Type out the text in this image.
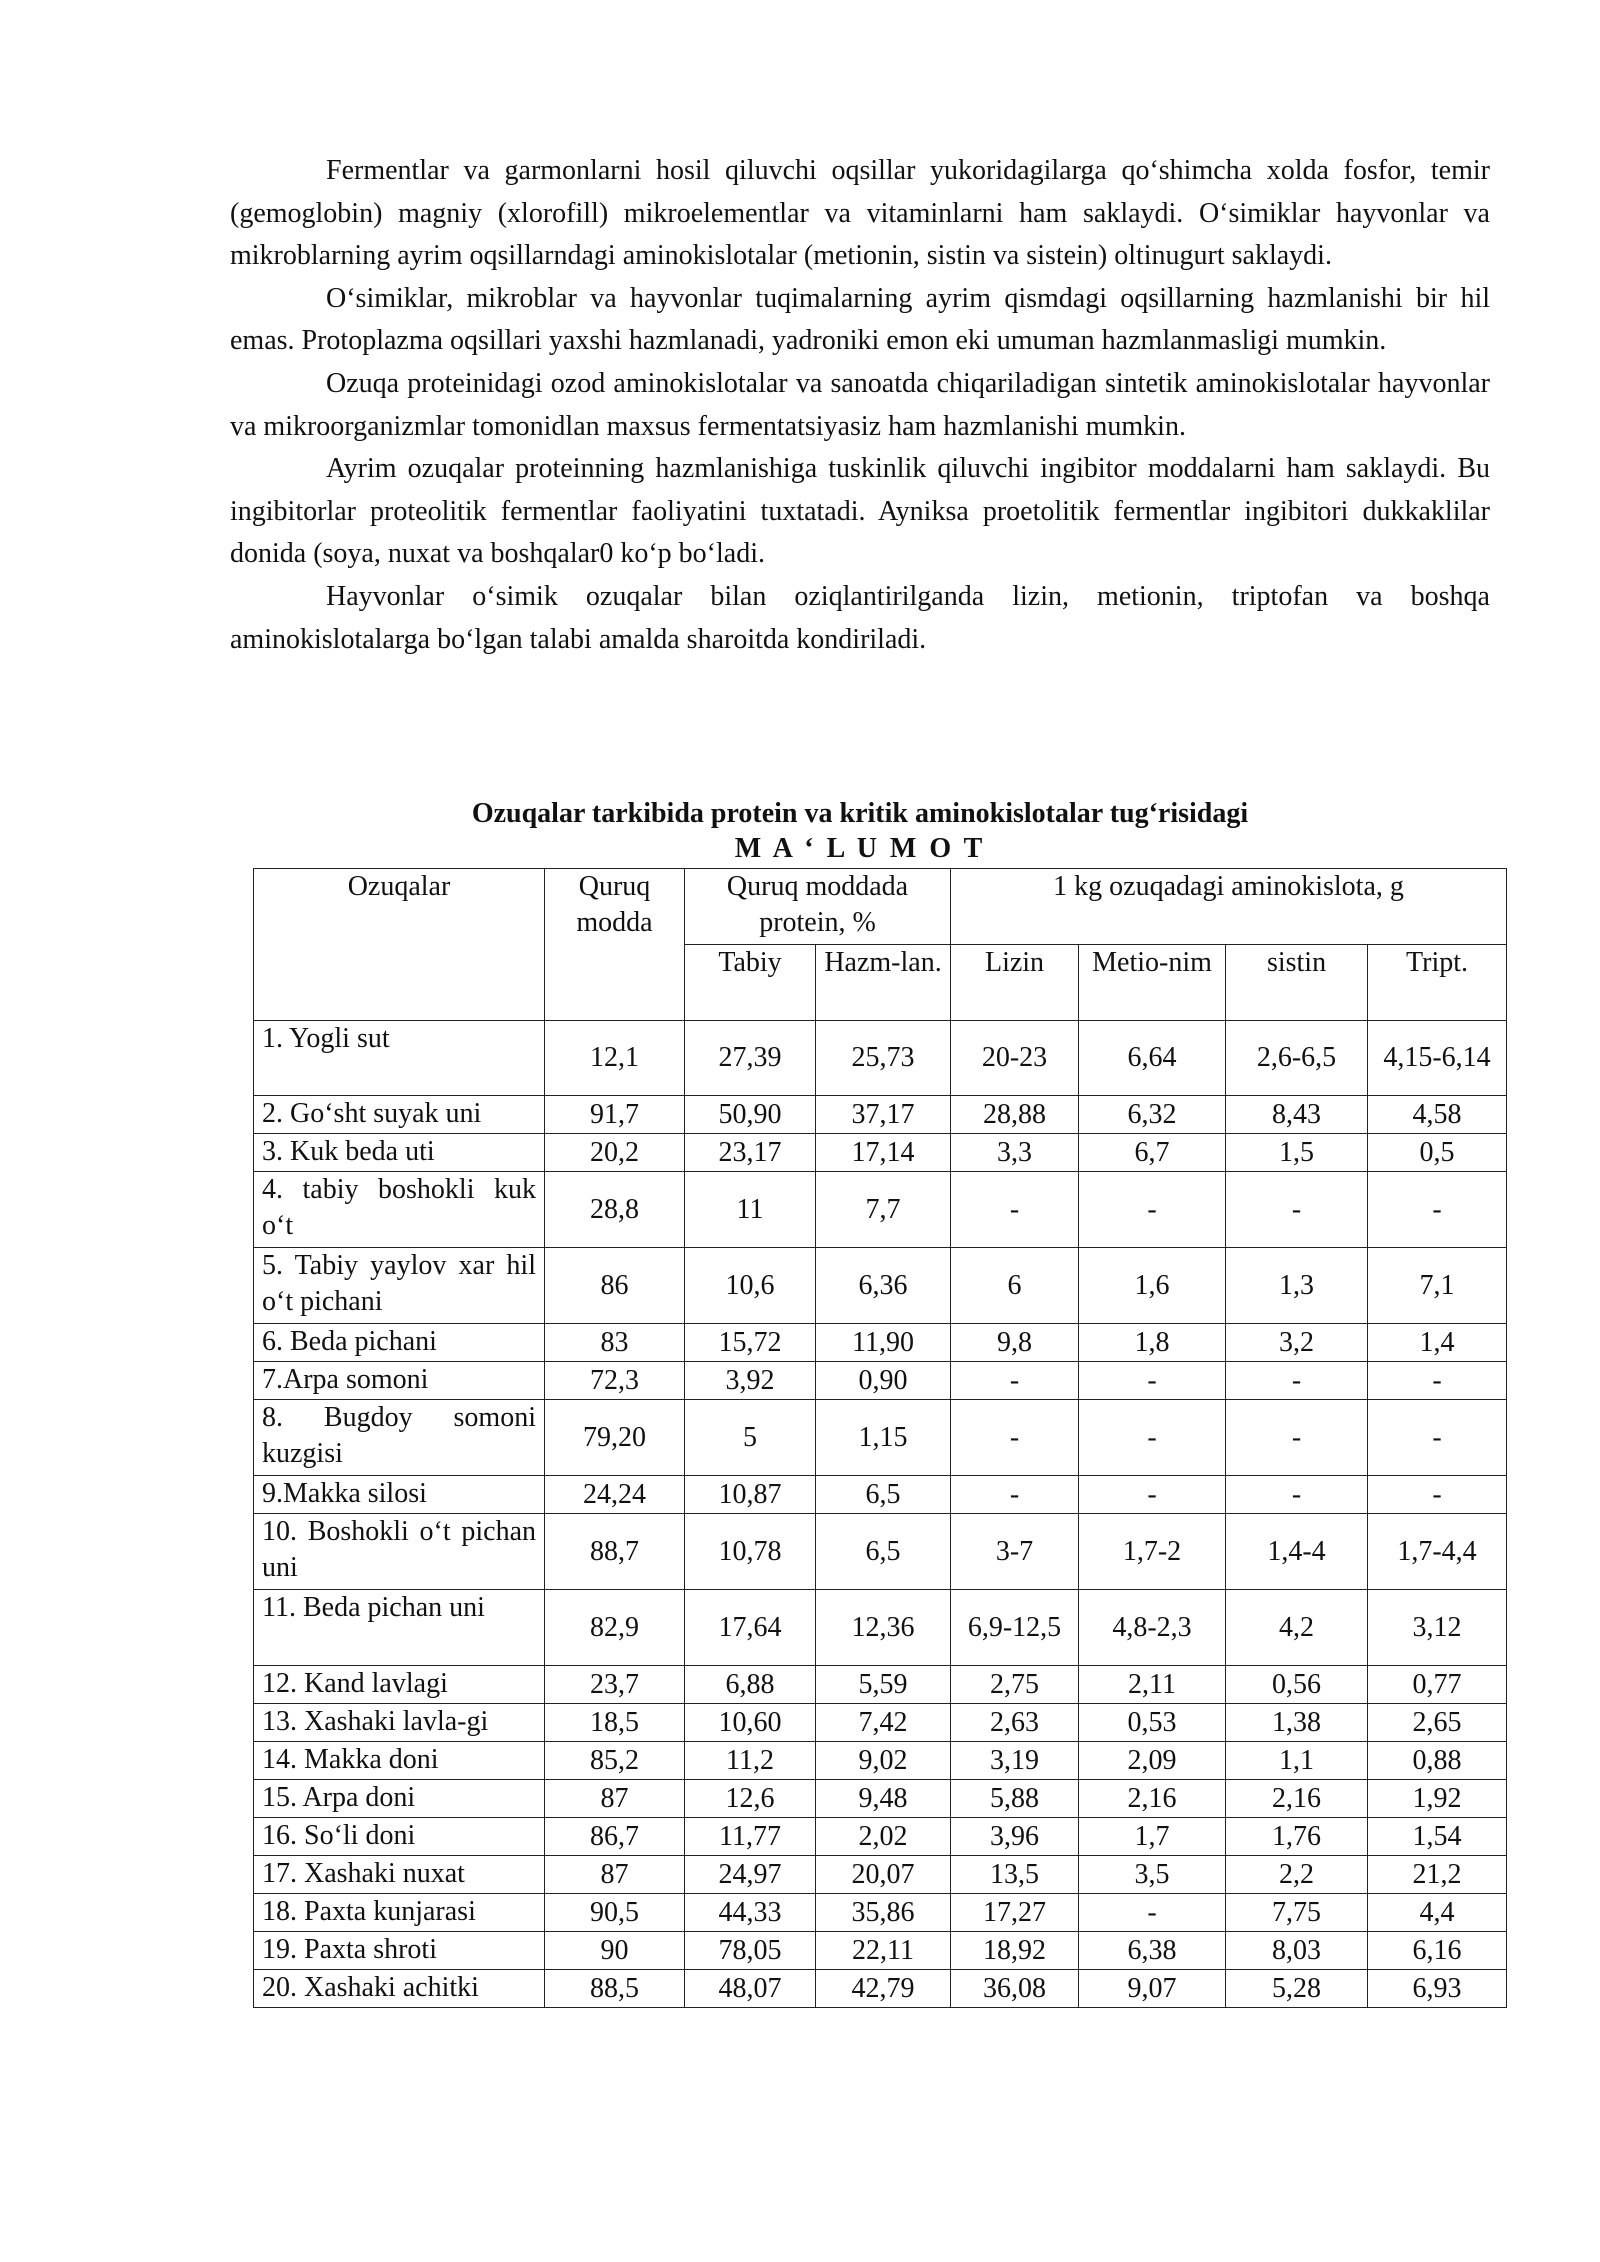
Fermentlar va garmonlarni hosil qiluvchi oqsillar yukoridagilarga qo‘shimcha xolda fosfor, temir (gemoglobin) magniy (xlorofill) mikroelementlar va vitaminlarni ham saklaydi. O‘simiklar hayvonlar va mikroblarning ayrim oqsillarndagi aminokislotalar (metionin, sistin va sistein) oltinugurt saklaydi.

O‘simiklar, mikroblar va hayvonlar tuqimalarning ayrim qismdagi oqsillarning hazmlanishi bir hil emas. Protoplazma oqsillari yaxshi hazmlanadi, yadroniki emon eki umuman hazmlanmasligi mumkin.

Ozuqa proteinidagi ozod aminokislotalar va sanoatda chiqariladigan sintetik aminokislotalar hayvonlar va mikroorganizmlar tomonidlan maxsus fermentatsiyasiz ham hazmlanishi mumkin.

Ayrim ozuqalar proteinning hazmlanishiga tuskinlik qiluvchi ingibitor moddalarni ham saklaydi. Bu ingibitorlar proteolitik fermentlar faoliyatini tuxtatadi. Ayniksa proetolitik fermentlar ingibitori dukkaklilar donida (soya, nuxat va boshqalar0 ko‘p bo‘ladi.

Hayvonlar o‘simik ozuqalar bilan oziqlantirilganda lizin, metionin, triptofan va boshqa aminokislotalarga bo‘lgan talabi amalda sharoitda kondiriladi.

Ozuqalar tarkibida protein va kritik aminokislotalar tug‘risidagi
M A ‘ L U M O T
Ozuqalar	Quruq modda	Quruq moddada protein, %		1 kg ozuqadagi aminokislota, g			
		Tabiy	Hazm-lan.	Lizin	Metio-nim	sistin	Tript.
1. Yogli sut	12,1	27,39	25,73	20-23	6,64	2,6-6,5	4,15-6,14
2. Go‘sht suyak uni	91,7	50,90	37,17	28,88	6,32	8,43	4,58
3. Kuk beda uti	20,2	23,17	17,14	3,3	6,7	1,5	0,5
4. tabiy boshokli kuk o‘t	28,8	11	7,7	-	-	-	-
5. Tabiy yaylov xar hil o‘t pichani	86	10,6	6,36	6	1,6	1,3	7,1
6. Beda pichani	83	15,72	11,90	9,8	1,8	3,2	1,4
7.Arpa somoni	72,3	3,92	0,90	-	-	-	-
8. Bugdoy somoni kuzgisi	79,20	5	1,15	-	-	-	-
9.Makka silosi	24,24	10,87	6,5	-	-	-	-
10. Boshokli o‘t pichan uni	88,7	10,78	6,5	3-7	1,7-2	1,4-4	1,7-4,4
11. Beda pichan uni	82,9	17,64	12,36	6,9-12,5	4,8-2,3	4,2	3,12
12. Kand lavlagi	23,7	6,88	5,59	2,75	2,11	0,56	0,77
13. Xashaki lavla-gi	18,5	10,60	7,42	2,63	0,53	1,38	2,65
14. Makka doni	85,2	11,2	9,02	3,19	2,09	1,1	0,88
15. Arpa doni	87	12,6	9,48	5,88	2,16	2,16	1,92
16. So‘li doni	86,7	11,77	2,02	3,96	1,7	1,76	1,54
17. Xashaki nuxat	87	24,97	20,07	13,5	3,5	2,2	21,2
18. Paxta kunjarasi	90,5	44,33	35,86	17,27	-	7,75	4,4
19. Paxta shroti	90	78,05	22,11	18,92	6,38	8,03	6,16
20. Xashaki achitki	88,5	48,07	42,79	36,08	9,07	5,28	6,93
